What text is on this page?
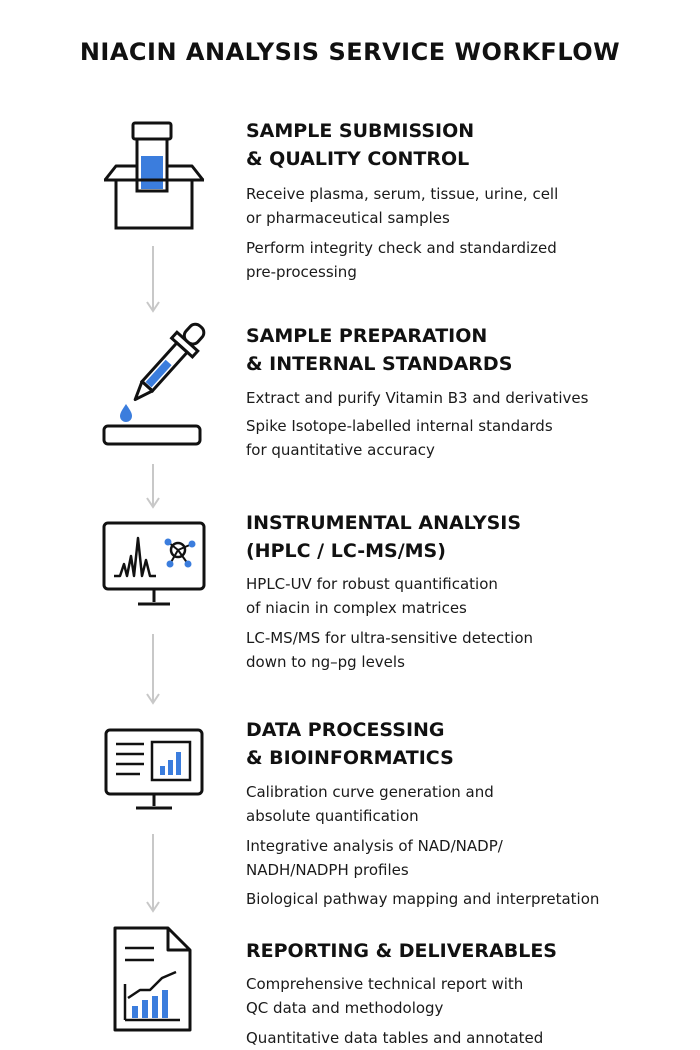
NIACIN ANALYSIS SERVICE WORKFLOW
SAMPLE SUBMISSION
& QUALITY CONTROL
Receive plasma, serum, tissue, urine, cell
or pharmaceutical samples
Perform integrity check and standardized
pre-processing
SAMPLE PREPARATION
& INTERNAL STANDARDS
Extract and purify Vitamin B3 and derivatives
Spike Isotope-labelled internal standards
for quantitative accuracy
INSTRUMENTAL ANALYSIS
(HPLC / LC-MS/MS)
HPLC-UV for robust quantification
of niacin in complex matrices
LC-MS/MS for ultra-sensitive detection
down to ng–pg levels
DATA PROCESSING
& BIOINFORMATICS
Calibration curve generation and
absolute quantification
Integrative analysis of NAD/NADP/
NADH/NADPH profiles
Biological pathway mapping and interpretation
REPORTING & DELIVERABLES
Comprehensive technical report with
QC data and methodology
Quantitative data tables and annotated
